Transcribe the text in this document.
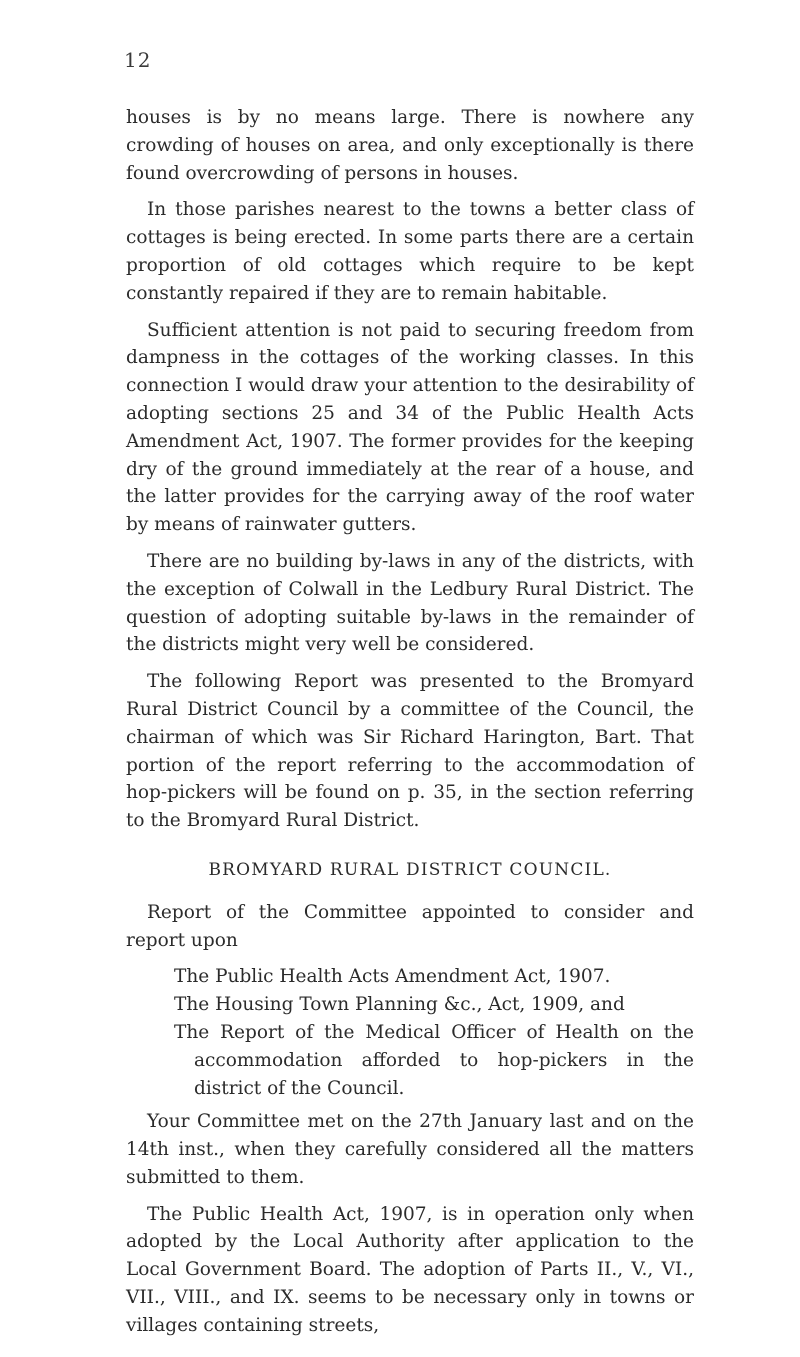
12

houses is by no means large. There is nowhere any crowding of houses on area, and only exceptionally is there found overcrowding of persons in houses.

In those parishes nearest to the towns a better class of cottages is being erected. In some parts there are a certain proportion of old cottages which require to be kept constantly repaired if they are to remain habitable.

Sufficient attention is not paid to securing freedom from dampness in the cottages of the working classes. In this connection I would draw your attention to the desirability of adopting sections 25 and 34 of the Public Health Acts Amendment Act, 1907. The former provides for the keeping dry of the ground immediately at the rear of a house, and the latter provides for the carrying away of the roof water by means of rainwater gutters.

There are no building by-laws in any of the districts, with the exception of Colwall in the Ledbury Rural District. The question of adopting suitable by-laws in the remainder of the districts might very well be considered.

The following Report was presented to the Bromyard Rural District Council by a committee of the Council, the chairman of which was Sir Richard Harington, Bart. That portion of the report referring to the accommodation of hop-pickers will be found on p. 35, in the section referring to the Bromyard Rural District.

BROMYARD RURAL DISTRICT COUNCIL.

Report of the Committee appointed to consider and report upon

The Public Health Acts Amendment Act, 1907.
The Housing Town Planning &c., Act, 1909, and
The Report of the Medical Officer of Health on the accommodation afforded to hop-pickers in the district of the Council.

Your Committee met on the 27th January last and on the 14th inst., when they carefully considered all the matters submitted to them.

The Public Health Act, 1907, is in operation only when adopted by the Local Authority after application to the Local Government Board. The adoption of Parts II., V., VI., VII., VIII., and IX. seems to be necessary only in towns or villages containing streets,
